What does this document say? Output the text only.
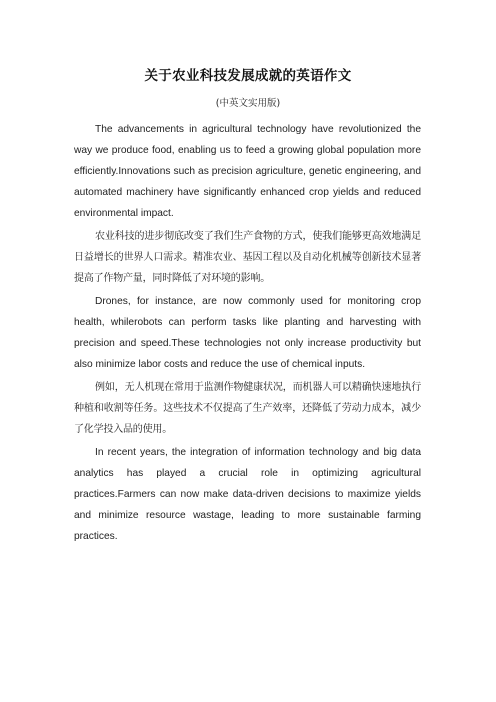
关于农业科技发展成就的英语作文
(中英文实用版)

The advancements in agricultural technology have revolutionized the way we produce food, enabling us to feed a growing global population more efficiently.Innovations such as precision agriculture, genetic engineering, and automated machinery have significantly enhanced crop yields and reduced environmental impact.

农业科技的进步彻底改变了我们生产食物的方式，使我们能够更高效地满足日益增长的世界人口需求。精准农业、基因工程以及自动化机械等创新技术显著提高了作物产量，同时降低了对环境的影响。

Drones, for instance, are now commonly used for monitoring crop health, whilerobots can perform tasks like planting and harvesting with precision and speed.These technologies not only increase productivity but also minimize labor costs and reduce the use of chemical inputs.

例如，无人机现在常用于监测作物健康状况，而机器人可以精确快速地执行种植和收割等任务。这些技术不仅提高了生产效率，还降低了劳动力成本，减少了化学投入品的使用。

In recent years, the integration of information technology and big data analytics has played a crucial role in optimizing agricultural practices.Farmers can now make data-driven decisions to maximize yields and minimize resource wastage, leading to more sustainable farming practices.
